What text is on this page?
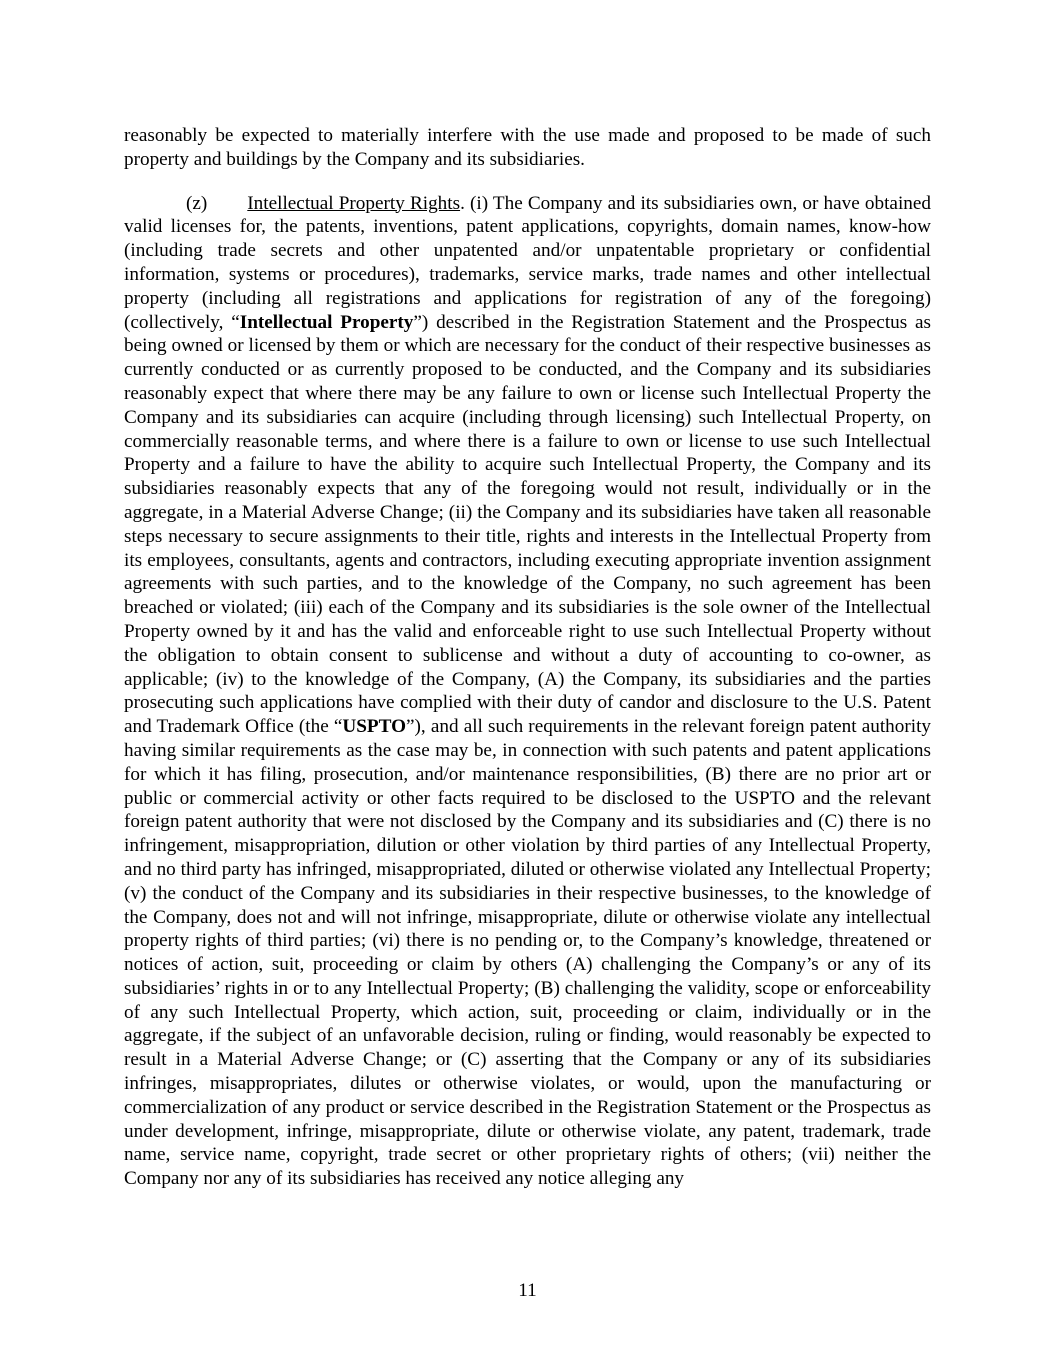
reasonably be expected to materially interfere with the use made and proposed to be made of such property and buildings by the Company and its subsidiaries.

(z) Intellectual Property Rights. (i) The Company and its subsidiaries own, or have obtained valid licenses for, the patents, inventions, patent applications, copyrights, domain names, know-how (including trade secrets and other unpatented and/or unpatentable proprietary or confidential information, systems or procedures), trademarks, service marks, trade names and other intellectual property (including all registrations and applications for registration of any of the foregoing) (collectively, “Intellectual Property”) described in the Registration Statement and the Prospectus as being owned or licensed by them or which are necessary for the conduct of their respective businesses as currently conducted or as currently proposed to be conducted, and the Company and its subsidiaries reasonably expect that where there may be any failure to own or license such Intellectual Property the Company and its subsidiaries can acquire (including through licensing) such Intellectual Property, on commercially reasonable terms, and where there is a failure to own or license to use such Intellectual Property and a failure to have the ability to acquire such Intellectual Property, the Company and its subsidiaries reasonably expects that any of the foregoing would not result, individually or in the aggregate, in a Material Adverse Change; (ii) the Company and its subsidiaries have taken all reasonable steps necessary to secure assignments to their title, rights and interests in the Intellectual Property from its employees, consultants, agents and contractors, including executing appropriate invention assignment agreements with such parties, and to the knowledge of the Company, no such agreement has been breached or violated; (iii) each of the Company and its subsidiaries is the sole owner of the Intellectual Property owned by it and has the valid and enforceable right to use such Intellectual Property without the obligation to obtain consent to sublicense and without a duty of accounting to co-owner, as applicable; (iv) to the knowledge of the Company, (A) the Company, its subsidiaries and the parties prosecuting such applications have complied with their duty of candor and disclosure to the U.S. Patent and Trademark Office (the “USPTO”), and all such requirements in the relevant foreign patent authority having similar requirements as the case may be, in connection with such patents and patent applications for which it has filing, prosecution, and/or maintenance responsibilities, (B) there are no prior art or public or commercial activity or other facts required to be disclosed to the USPTO and the relevant foreign patent authority that were not disclosed by the Company and its subsidiaries and (C) there is no infringement, misappropriation, dilution or other violation by third parties of any Intellectual Property, and no third party has infringed, misappropriated, diluted or otherwise violated any Intellectual Property; (v) the conduct of the Company and its subsidiaries in their respective businesses, to the knowledge of the Company, does not and will not infringe, misappropriate, dilute or otherwise violate any intellectual property rights of third parties; (vi) there is no pending or, to the Company’s knowledge, threatened or notices of action, suit, proceeding or claim by others (A) challenging the Company’s or any of its subsidiaries’ rights in or to any Intellectual Property; (B) challenging the validity, scope or enforceability of any such Intellectual Property, which action, suit, proceeding or claim, individually or in the aggregate, if the subject of an unfavorable decision, ruling or finding, would reasonably be expected to result in a Material Adverse Change; or (C) asserting that the Company or any of its subsidiaries infringes, misappropriates, dilutes or otherwise violates, or would, upon the manufacturing or commercialization of any product or service described in the Registration Statement or the Prospectus as under development, infringe, misappropriate, dilute or otherwise violate, any patent, trademark, trade name, service name, copyright, trade secret or other proprietary rights of others; (vii) neither the Company nor any of its subsidiaries has received any notice alleging any

11
